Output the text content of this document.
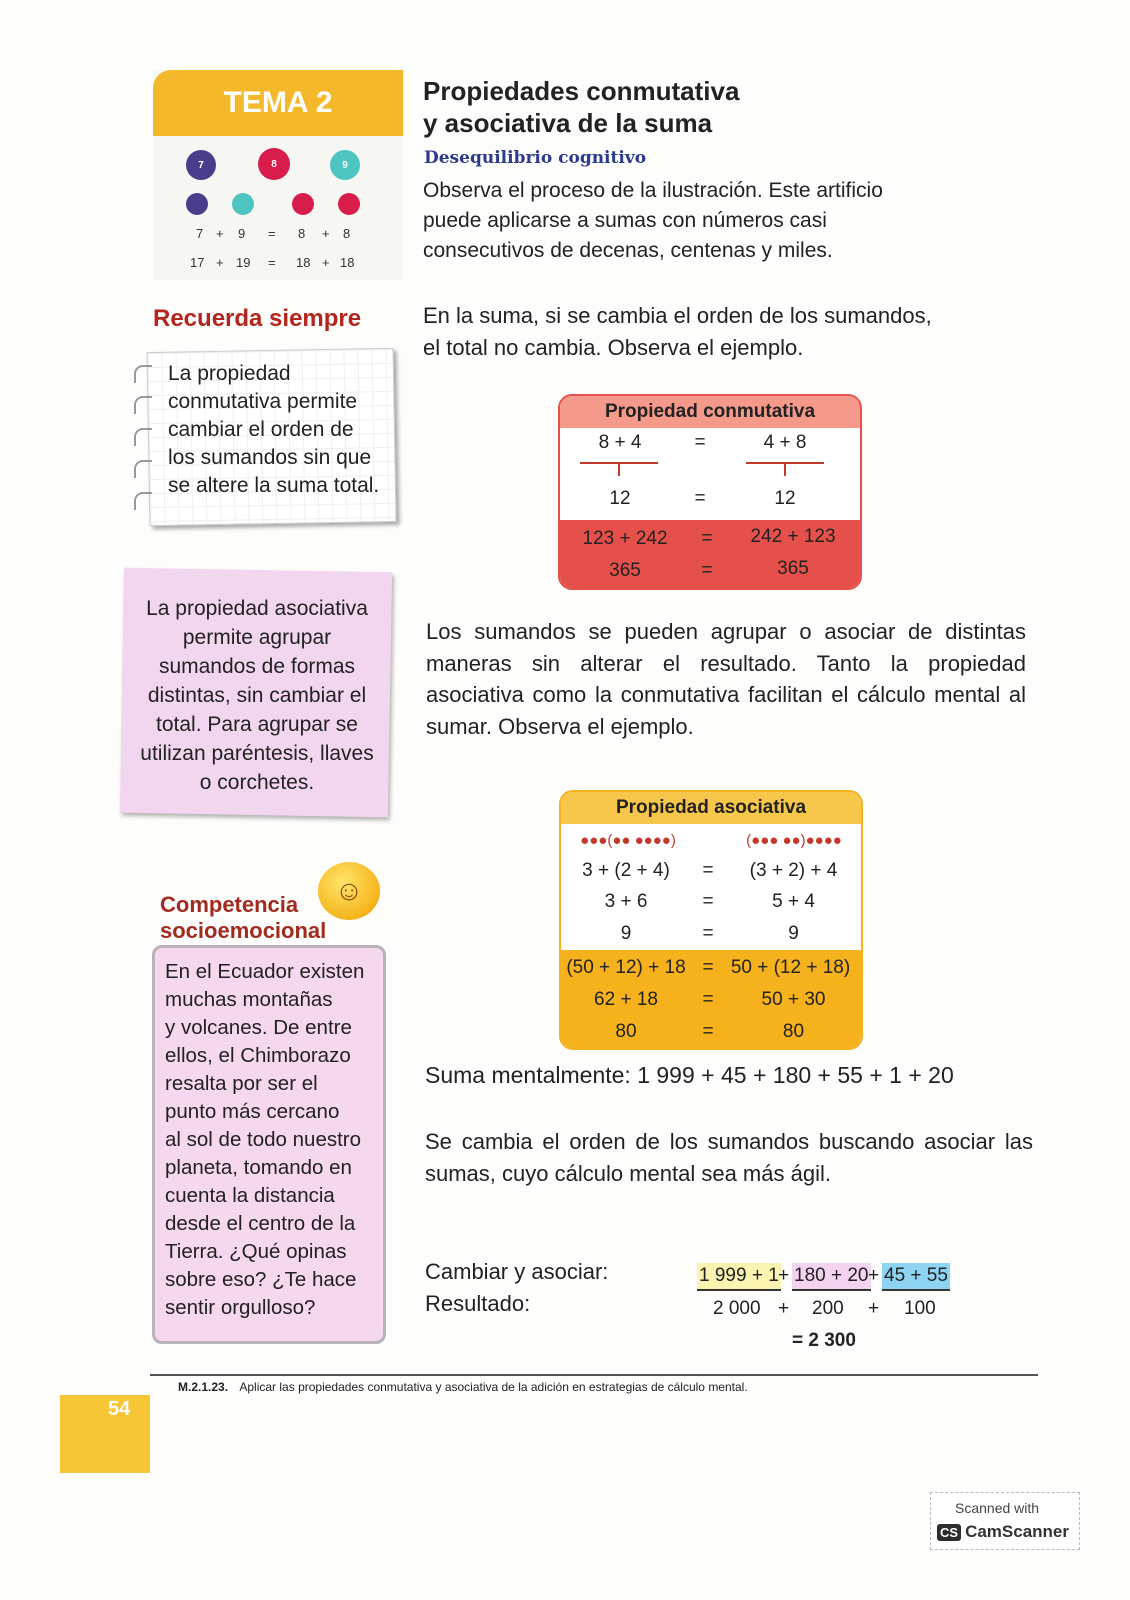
TEMA 2
7	8	9
7 + 9 = 8 + 8
17 + 19 = 18 + 18
Recuerda siempre
La propiedad
conmutativa permite
cambiar el orden de
los sumandos sin que
se altere la suma total.
La propiedad asociativa
permite agrupar
sumandos de formas
distintas, sin cambiar el
total. Para agrupar se
utilizan paréntesis, llaves
o corchetes.
Competencia
socioemocional
☺
En el Ecuador existen
muchas montañas
y volcanes. De entre
ellos, el Chimborazo
resalta por ser el
punto más cercano
al sol de todo nuestro
planeta, tomando en
cuenta la distancia
desde el centro de la
Tierra. ¿Qué opinas
sobre eso? ¿Te hace
sentir orgulloso?
54
Propiedades conmutativa
y asociativa de la suma
Desequilibrio cognitivo
Observa el proceso de la ilustración. Este artificio
puede aplicarse a sumas con números casi
consecutivos de decenas, centenas y miles.
En la suma, si se cambia el orden de los sumandos,
el total no cambia. Observa el ejemplo.
Propiedad conmutativa
8 + 4	=	4 + 8
12	=	12
123 + 242	=	242 + 123
365	=	365
Los sumandos se pueden agrupar o asociar de distintas maneras sin alterar el resultado. Tanto la propiedad asociativa como la conmutativa facilitan el cálculo mental al sumar. Observa el ejemplo.
Propiedad asociativa
●●●(●● ●●●●)	(●●● ●●)●●●●
3 + (2 + 4)	=	(3 + 2) + 4
3 + 6	=	5 + 4
9	=	9
(50 + 12) + 18 = 50 + (12 + 18)
62 + 18	=	50 + 30
80	=	80
Suma mentalmente: 1 999 + 45 + 180 + 55 + 1 + 20
Se cambia el orden de los sumandos buscando asociar las sumas, cuyo cálculo mental sea más ágil.
Cambiar y asociar:
Resultado:
1 999 + 1 + 180 + 20 + 45 + 55
2 000 + 200 + 100
= 2 300
M.2.1.23. Aplicar las propiedades conmutativa y asociativa de la adición en estrategias de cálculo mental.
Scanned with
CS CamScanner
